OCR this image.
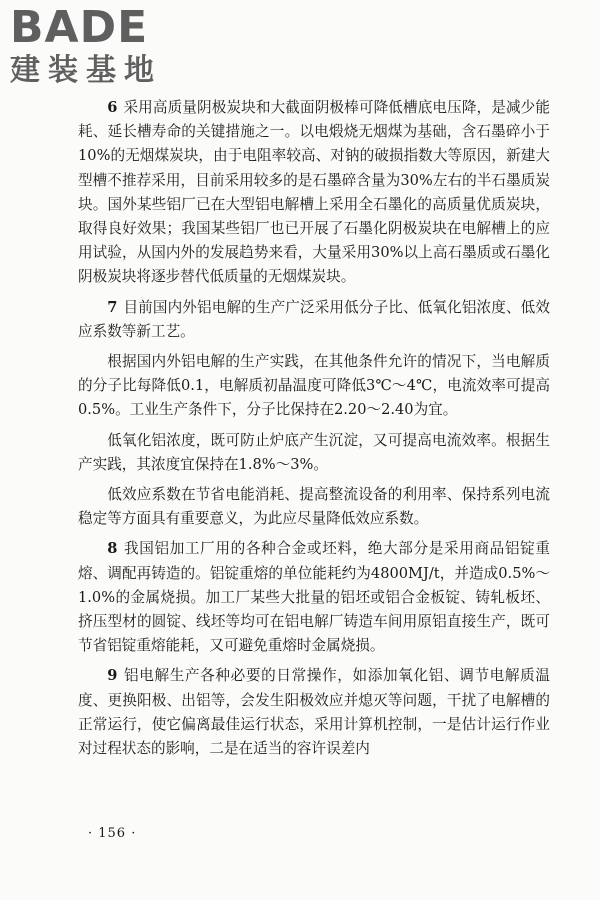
BADE
建装基地

6 采用高质量阴极炭块和大截面阴极棒可降低槽底电压降，是减少能耗、延长槽寿命的关键措施之一。以电煅烧无烟煤为基础，含石墨碎小于10%的无烟煤炭块，由于电阻率较高、对钠的破损指数大等原因，新建大型槽不推荐采用，目前采用较多的是石墨碎含量为30%左右的半石墨质炭块。国外某些铝厂已在大型铝电解槽上采用全石墨化的高质量优质炭块，取得良好效果；我国某些铝厂也已开展了石墨化阴极炭块在电解槽上的应用试验，从国内外的发展趋势来看，大量采用30%以上高石墨质或石墨化阴极炭块将逐步替代低质量的无烟煤炭块。

7 目前国内外铝电解的生产广泛采用低分子比、低氧化铝浓度、低效应系数等新工艺。

根据国内外铝电解的生产实践，在其他条件允许的情况下，当电解质的分子比每降低0.1，电解质初晶温度可降低3℃～4℃，电流效率可提高0.5%。工业生产条件下，分子比保持在2.20～2.40为宜。

低氧化铝浓度，既可防止炉底产生沉淀，又可提高电流效率。根据生产实践，其浓度宜保持在1.8%～3%。

低效应系数在节省电能消耗、提高整流设备的利用率、保持系列电流稳定等方面具有重要意义，为此应尽量降低效应系数。

8 我国铝加工厂用的各种合金或坯料，绝大部分是采用商品铝锭重熔、调配再铸造的。铝锭重熔的单位能耗约为4800MJ/t，并造成0.5%～1.0%的金属烧损。加工厂某些大批量的铝坯或铝合金板锭、铸轧板坯、挤压型材的圆锭、线坯等均可在铝电解厂铸造车间用原铝直接生产，既可节省铝锭重熔能耗，又可避免重熔时金属烧损。

9 铝电解生产各种必要的日常操作，如添加氧化铝、调节电解质温度、更换阳极、出铝等，会发生阳极效应并熄灭等问题，干扰了电解槽的正常运行，使它偏离最佳运行状态，采用计算机控制，一是估计运行作业对过程状态的影响，二是在适当的容许误差内

· 156 ·
